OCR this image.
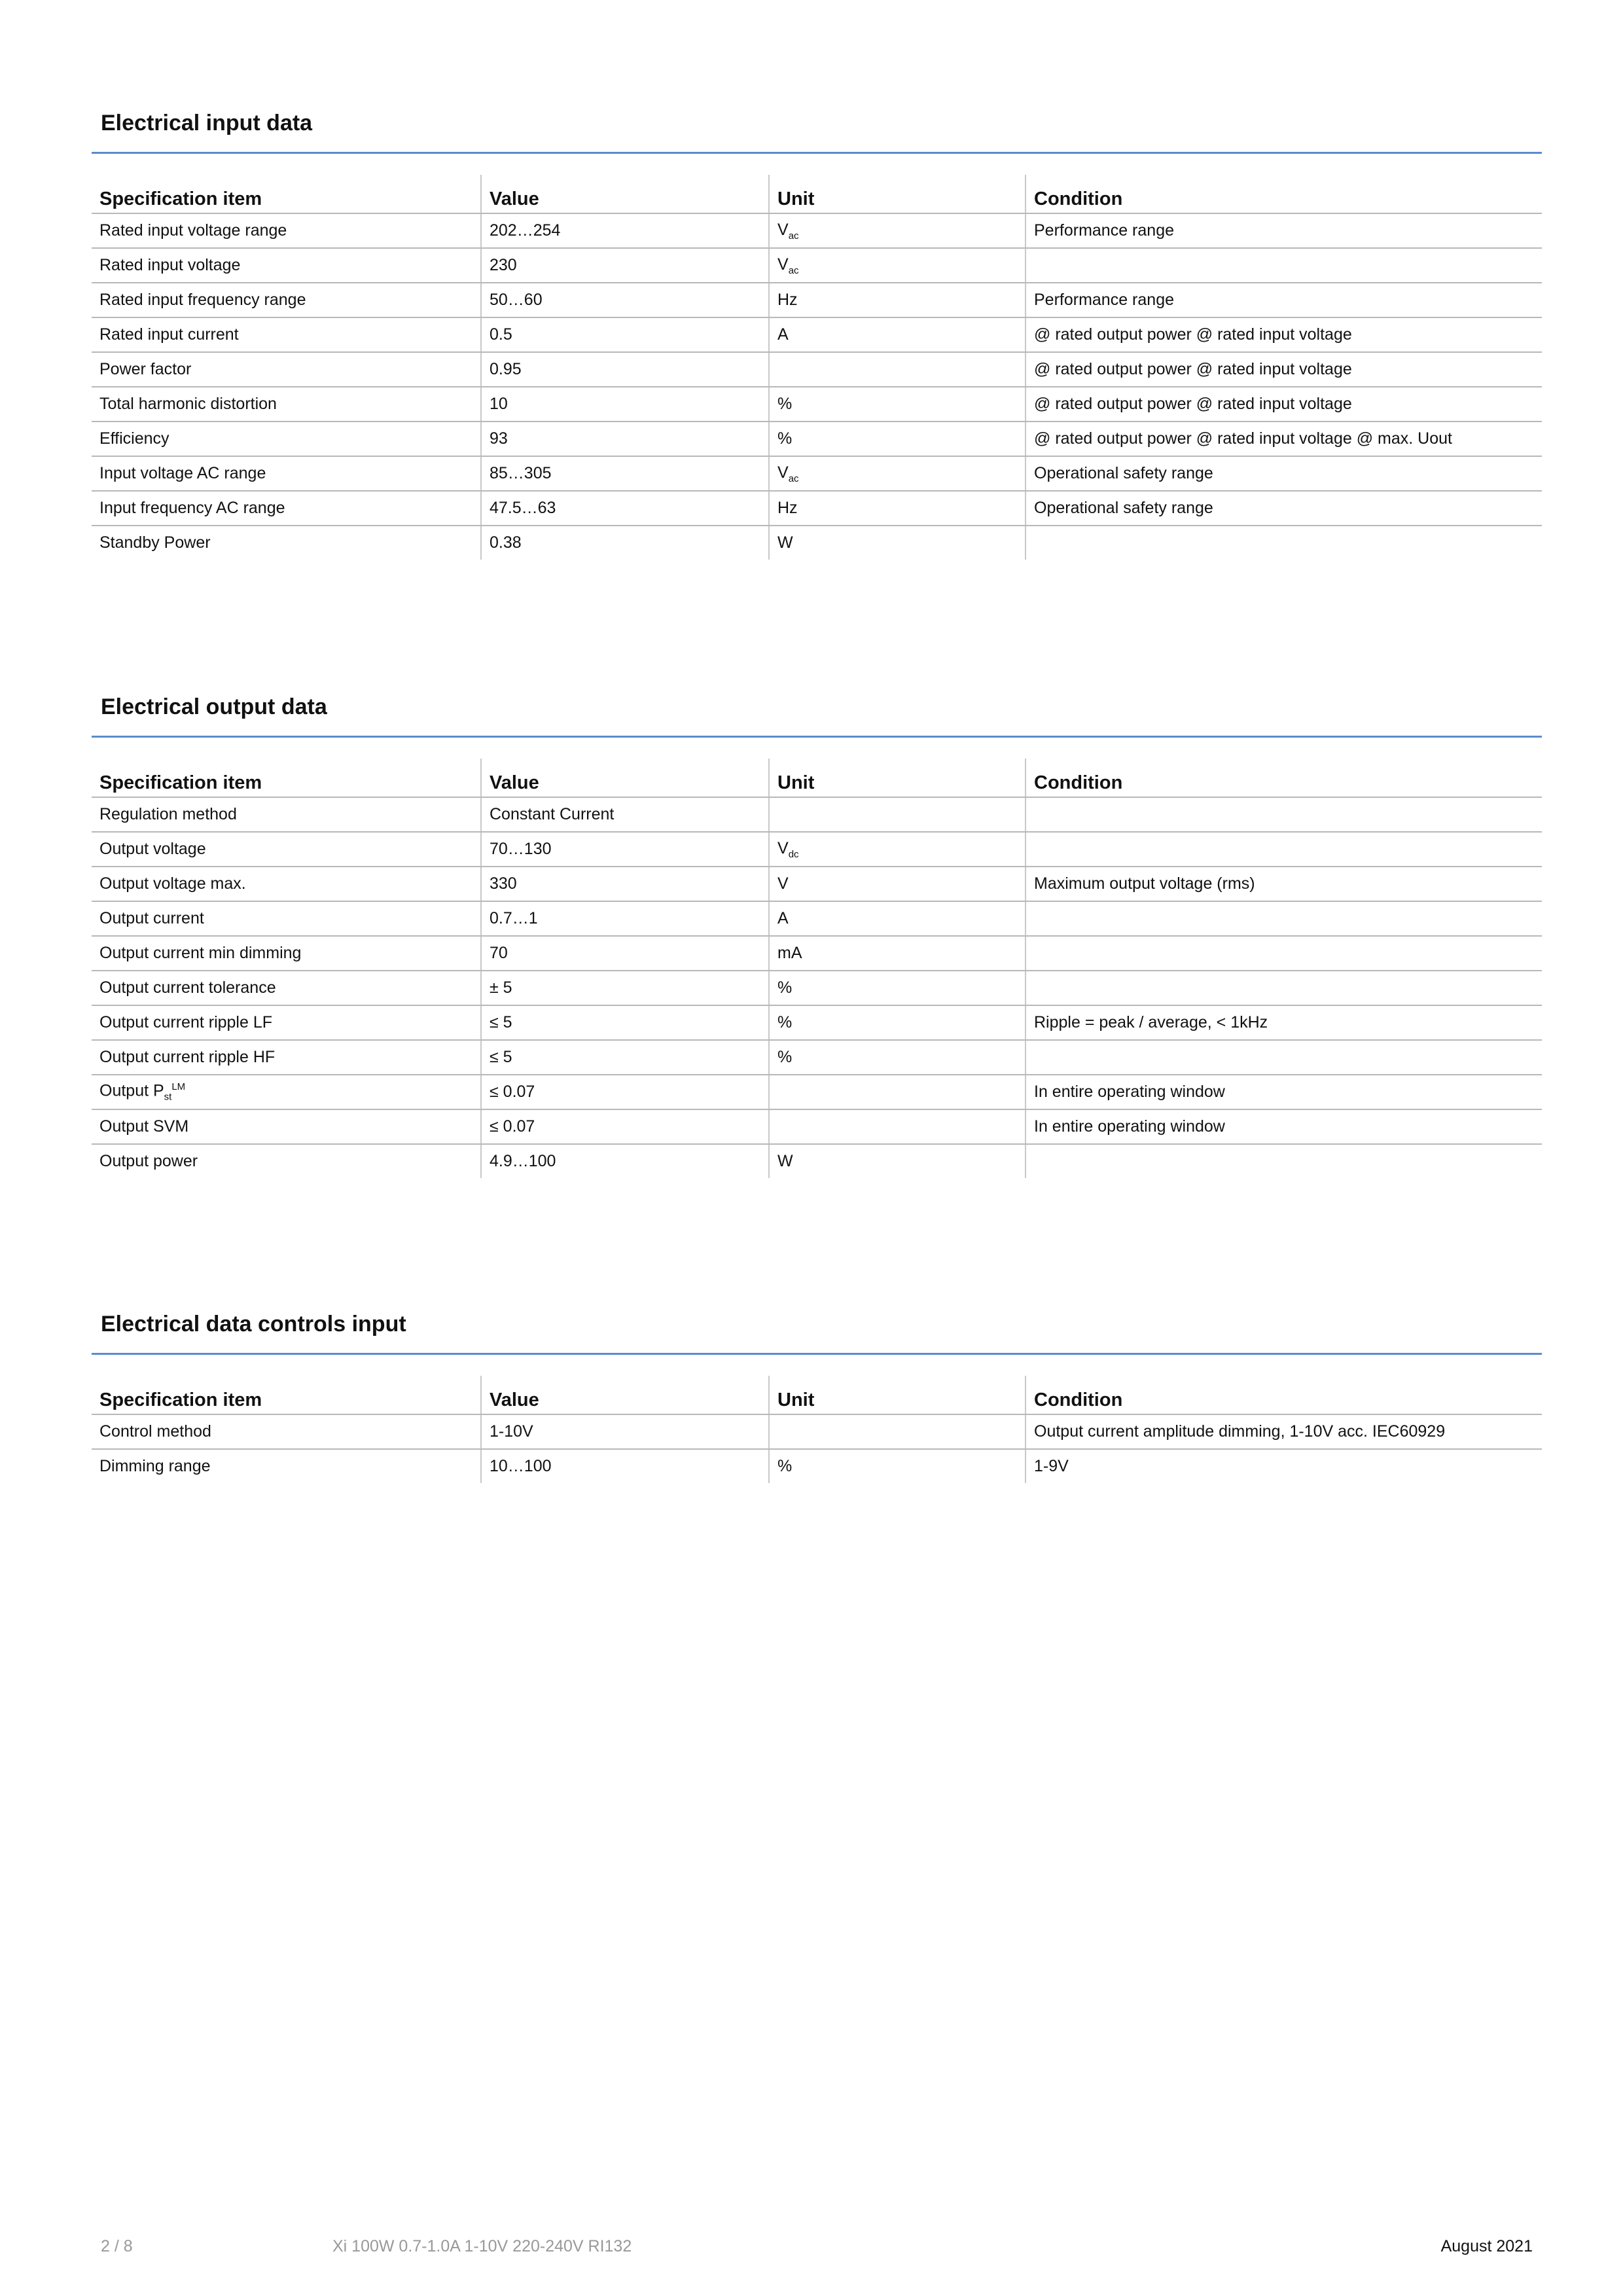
Electrical input data
Specification item	Value	Unit	Condition
Rated input voltage range	202…254	$V_{ac}$	Performance range
Rated input voltage	230	$V_{ac}$	
Rated input frequency range	50…60	Hz	Performance range
Rated input current	0.5	A	@ rated output power @ rated input voltage
Power factor	0.95		@ rated output power @ rated input voltage
Total harmonic distortion	10	%	@ rated output power @ rated input voltage
Efficiency	93	%	@ rated output power @ rated input voltage @ max. Uout
Input voltage AC range	85…305	$V_{ac}$	Operational safety range
Input frequency AC range	47.5…63	Hz	Operational safety range
Standby Power	0.38	W	
Electrical output data
Specification item	Value	Unit	Condition
Regulation method	Constant Current		
Output voltage	70…130	$V_{dc}$	
Output voltage max.	330	V	Maximum output voltage (rms)
Output current	0.7…1	A	
Output current min dimming	70	mA	
Output current tolerance	± 5	%	
Output current ripple LF	≤ 5	%	Ripple = peak / average, < 1kHz
Output current ripple HF	≤ 5	%	
Output $P_{st}^{LM}$	≤ 0.07		In entire operating window
Output SVM	≤ 0.07		In entire operating window
Output power	4.9…100	W	
Electrical data controls input
Specification item	Value	Unit	Condition
Control method	1-10V		Output current amplitude dimming, 1-10V acc. IEC60929
Dimming range	10…100	%	1-9V
2 / 8	Xi 100W 0.7-1.0A 1-10V 220-240V RI132	August 2021
